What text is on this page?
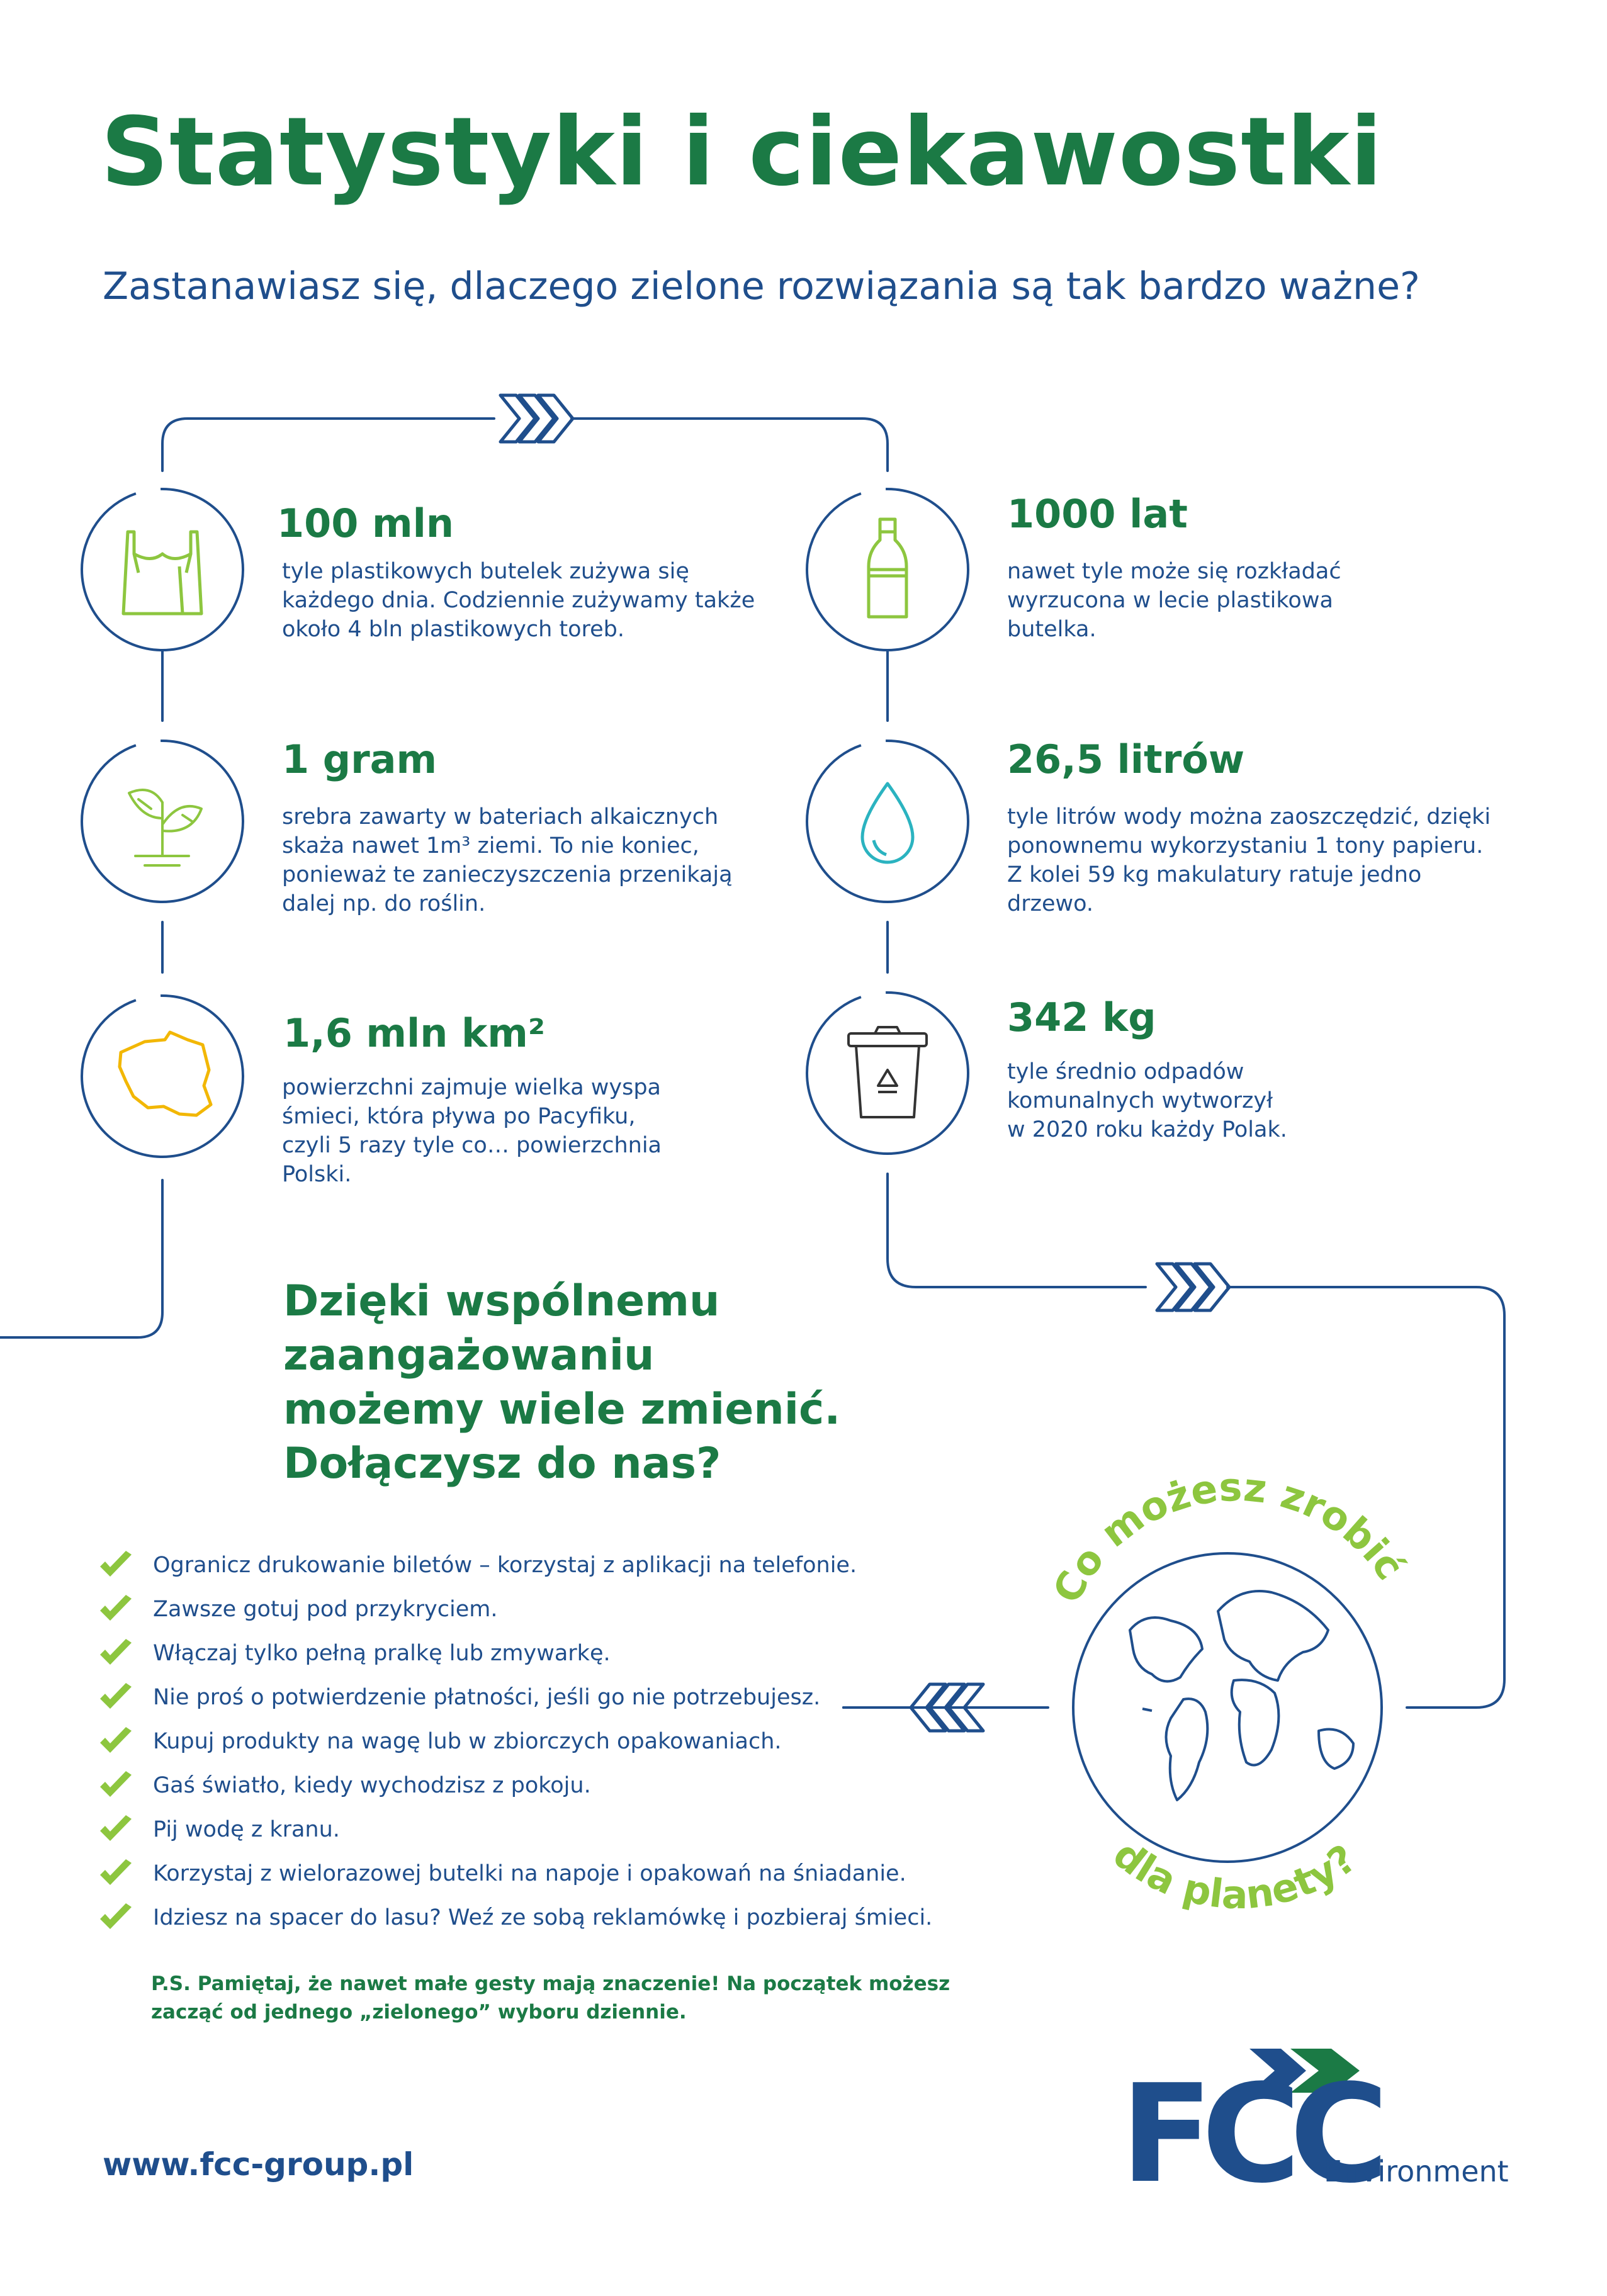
Statystyki i ciekawostki
Zastanawiasz się, dlaczego zielone rozwiązania są tak bardzo ważne?
Co możesz zrobić
dla planety?
FCC
100 mln
tyle plastikowych butelek zużywa się
każdego dnia. Codziennie zużywamy także
około 4 bln plastikowych toreb.
1000 lat
nawet tyle może się rozkładać
wyrzucona w lecie plastikowa
butelka.
1 gram
srebra zawarty w bateriach alkaicznych
skaża nawet 1m³ ziemi. To nie koniec,
ponieważ te zanieczyszczenia przenikają
dalej np. do roślin.
26,5 litrów
tyle litrów wody można zaoszczędzić, dzięki
ponownemu wykorzystaniu 1 tony papieru.
Z kolei 59 kg makulatury ratuje jedno
drzewo.
1,6 mln km²
powierzchni zajmuje wielka wyspa
śmieci, która pływa po Pacyfiku,
czyli 5 razy tyle co… powierzchnia
Polski.
342 kg
tyle średnio odpadów
komunalnych wytworzył
w 2020 roku każdy Polak.
Dzięki wspólnemu
zaangażowaniu
możemy wiele zmienić.
Dołączysz do nas?
Ogranicz drukowanie biletów – korzystaj z aplikacji na telefonie.
Zawsze gotuj pod przykryciem.
Włączaj tylko pełną pralkę lub zmywarkę.
Nie proś o potwierdzenie płatności, jeśli go nie potrzebujesz.
Kupuj produkty na wagę lub w zbiorczych opakowaniach.
Gaś światło, kiedy wychodzisz z pokoju.
Pij wodę z kranu.
Korzystaj z wielorazowej butelki na napoje i opakowań na śniadanie.
Idziesz na spacer do lasu? Weź ze sobą reklamówkę i pozbieraj śmieci.
P.S. Pamiętaj, że nawet małe gesty mają znaczenie! Na początek możesz
zacząć od jednego „zielonego” wyboru dziennie.
www.fcc-group.pl	Environment
